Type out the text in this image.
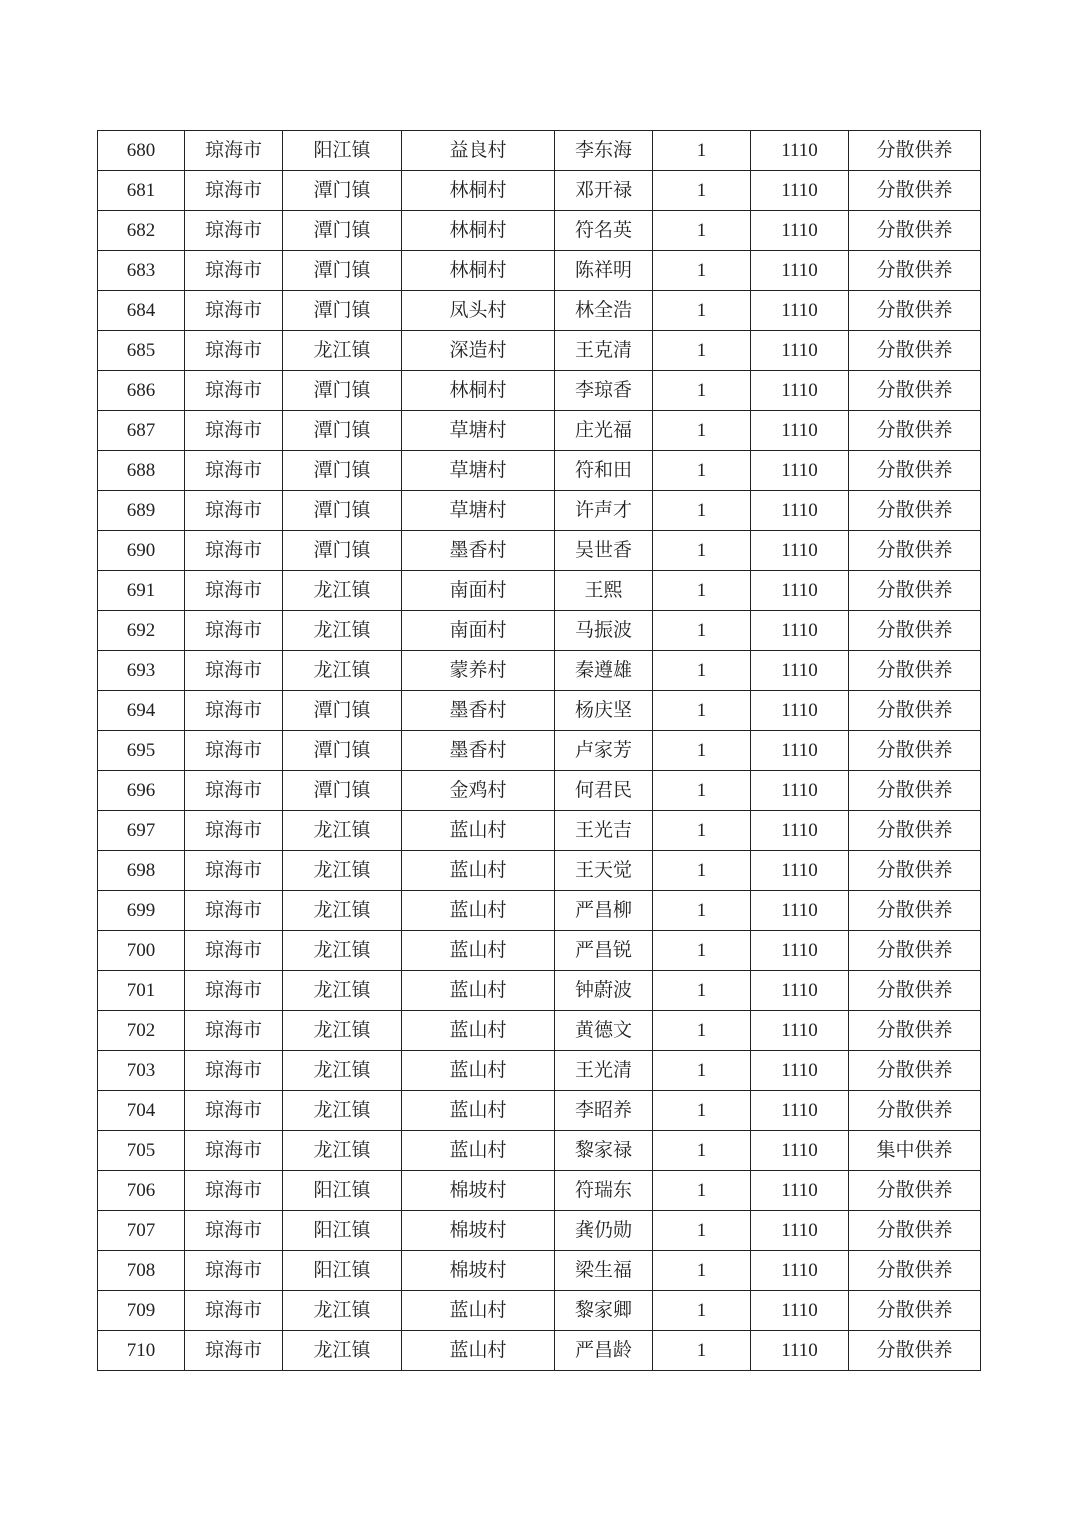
680	琼海市	阳江镇	益良村	李东海	1	1110	分散供养
681	琼海市	潭门镇	林桐村	邓开禄	1	1110	分散供养
682	琼海市	潭门镇	林桐村	符名英	1	1110	分散供养
683	琼海市	潭门镇	林桐村	陈祥明	1	1110	分散供养
684	琼海市	潭门镇	凤头村	林全浩	1	1110	分散供养
685	琼海市	龙江镇	深造村	王克清	1	1110	分散供养
686	琼海市	潭门镇	林桐村	李琼香	1	1110	分散供养
687	琼海市	潭门镇	草塘村	庄光福	1	1110	分散供养
688	琼海市	潭门镇	草塘村	符和田	1	1110	分散供养
689	琼海市	潭门镇	草塘村	许声才	1	1110	分散供养
690	琼海市	潭门镇	墨香村	吴世香	1	1110	分散供养
691	琼海市	龙江镇	南面村	王熙	1	1110	分散供养
692	琼海市	龙江镇	南面村	马振波	1	1110	分散供养
693	琼海市	龙江镇	蒙养村	秦遵雄	1	1110	分散供养
694	琼海市	潭门镇	墨香村	杨庆坚	1	1110	分散供养
695	琼海市	潭门镇	墨香村	卢家芳	1	1110	分散供养
696	琼海市	潭门镇	金鸡村	何君民	1	1110	分散供养
697	琼海市	龙江镇	蓝山村	王光吉	1	1110	分散供养
698	琼海市	龙江镇	蓝山村	王天觉	1	1110	分散供养
699	琼海市	龙江镇	蓝山村	严昌柳	1	1110	分散供养
700	琼海市	龙江镇	蓝山村	严昌锐	1	1110	分散供养
701	琼海市	龙江镇	蓝山村	钟蔚波	1	1110	分散供养
702	琼海市	龙江镇	蓝山村	黄德文	1	1110	分散供养
703	琼海市	龙江镇	蓝山村	王光清	1	1110	分散供养
704	琼海市	龙江镇	蓝山村	李昭养	1	1110	分散供养
705	琼海市	龙江镇	蓝山村	黎家禄	1	1110	集中供养
706	琼海市	阳江镇	棉坡村	符瑞东	1	1110	分散供养
707	琼海市	阳江镇	棉坡村	龚仍勋	1	1110	分散供养
708	琼海市	阳江镇	棉坡村	梁生福	1	1110	分散供养
709	琼海市	龙江镇	蓝山村	黎家卿	1	1110	分散供养
710	琼海市	龙江镇	蓝山村	严昌龄	1	1110	分散供养
